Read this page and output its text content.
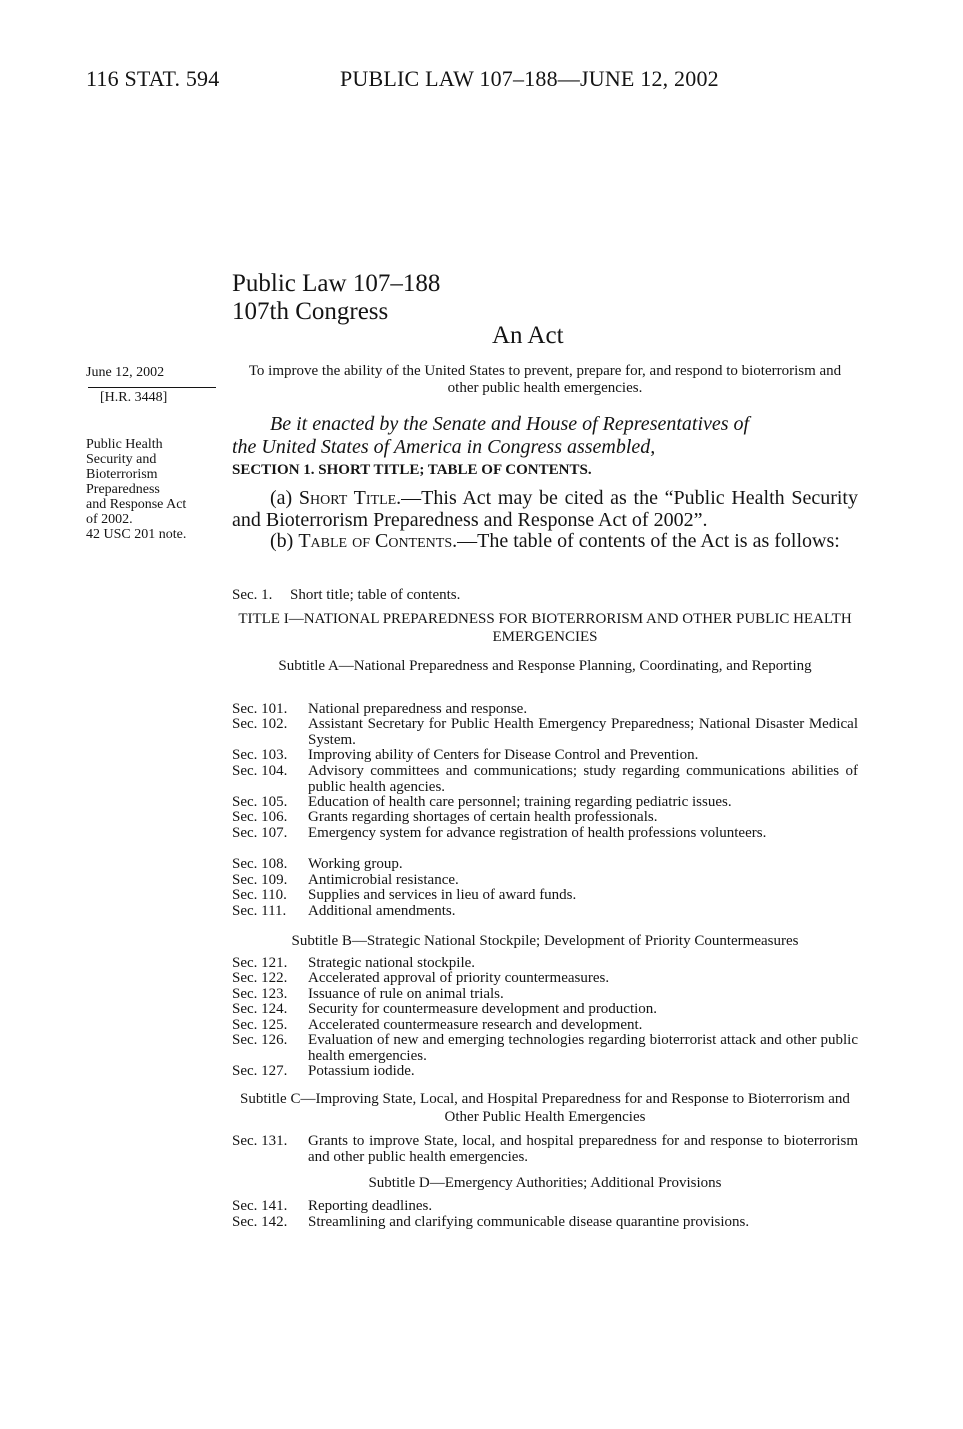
116 STAT. 594	PUBLIC LAW 107–188—JUNE 12, 2002
Public Law 107–188
107th Congress
An Act
June 12, 2002
[H.R. 3448]
Public Health
Security and
Bioterrorism
Preparedness
and Response Act
of 2002.
42 USC 201 note.
To improve the ability of the United States to prevent, prepare for, and respond to bioterrorism and other public health emergencies.
Be it enacted by the Senate and House of Representatives of
the United States of America in Congress assembled,
SECTION 1. SHORT TITLE; TABLE OF CONTENTS.
(a) Short Title.—This Act may be cited as the “Public Health Security and Bioterrorism Preparedness and Response Act of 2002”.
(b) Table of Contents.—The table of contents of the Act is as follows:
Sec. 1.	Short title; table of contents.
TITLE I—NATIONAL PREPAREDNESS FOR BIOTERRORISM AND OTHER PUBLIC HEALTH EMERGENCIES
Subtitle A—National Preparedness and Response Planning, Coordinating, and Reporting
Sec. 101.	National preparedness and response.
Sec. 102.	Assistant Secretary for Public Health Emergency Preparedness; National Disaster Medical System.
Sec. 103.	Improving ability of Centers for Disease Control and Prevention.
Sec. 104.	Advisory committees and communications; study regarding communications abilities of public health agencies.
Sec. 105.	Education of health care personnel; training regarding pediatric issues.
Sec. 106.	Grants regarding shortages of certain health professionals.
Sec. 107.	Emergency system for advance registration of health professions volunteers.
Sec. 108.	Working group.
Sec. 109.	Antimicrobial resistance.
Sec. 110.	Supplies and services in lieu of award funds.
Sec. 111.	Additional amendments.
Subtitle B—Strategic National Stockpile; Development of Priority Countermeasures
Sec. 121.	Strategic national stockpile.
Sec. 122.	Accelerated approval of priority countermeasures.
Sec. 123.	Issuance of rule on animal trials.
Sec. 124.	Security for countermeasure development and production.
Sec. 125.	Accelerated countermeasure research and development.
Sec. 126.	Evaluation of new and emerging technologies regarding bioterrorist attack and other public health emergencies.
Sec. 127.	Potassium iodide.
Subtitle C—Improving State, Local, and Hospital Preparedness for and Response to Bioterrorism and Other Public Health Emergencies
Sec. 131.	Grants to improve State, local, and hospital preparedness for and response to bioterrorism and other public health emergencies.
Subtitle D—Emergency Authorities; Additional Provisions
Sec. 141.	Reporting deadlines.
Sec. 142.	Streamlining and clarifying communicable disease quarantine provisions.
